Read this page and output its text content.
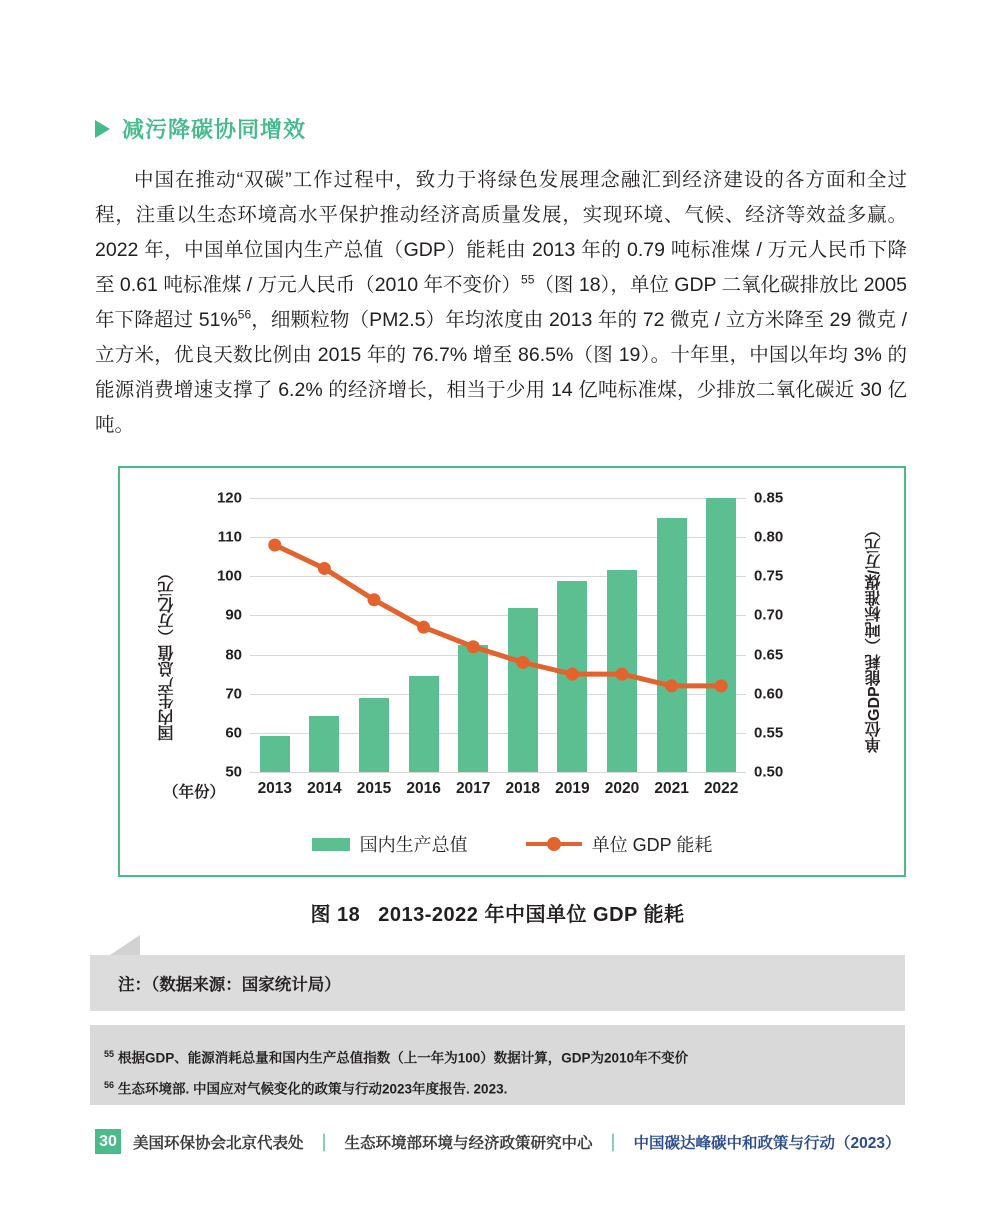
减污降碳协同增效

中国在推动“双碳”工作过程中，致力于将绿色发展理念融汇到经济建设的各方面和全过程，注重以生态环境高水平保护推动经济高质量发展，实现环境、气候、经济等效益多赢。2022 年，中国单位国内生产总值（GDP）能耗由 2013 年的 0.79 吨标准煤 / 万元人民币下降至 0.61 吨标准煤 / 万元人民币（2010 年不变价）$^{55}$（图 18），单位 GDP 二氧化碳排放比 2005 年下降超过 51%$^{56}$，细颗粒物（PM2.5）年均浓度由 2013 年的 72 微克 / 立方米降至 29 微克 / 立方米，优良天数比例由 2015 年的 76.7% 增至 86.5%（图 19）。十年里，中国以年均 3% 的能源消费增速支撑了 6.2% 的经济增长，相当于少用 14 亿吨标准煤，少排放二氧化碳近 30 亿吨。

国内生产总值（万亿元）
120
110
100
90
80
70
60
50
0.85
0.80
0.75
0.70
0.65
0.60
0.55
0.50
单位GDP能耗（吨标准煤/万元）
（年份）	2013 2014 2015 2016 2017 2018 2019 2020 2021 2022
国内生产总值	单位 GDP 能耗
图 18 2013-2022 年中国单位 GDP 能耗

注：（数据来源：国家统计局）

$^{55}$ 根据GDP、能源消耗总量和国内生产总值指数（上一年为100）数据计算，GDP为2010年不变价

$^{56}$ 生态环境部. 中国应对气候变化的政策与行动2023年度报告. 2023.

30 美国环保协会北京代表处 ｜ 生态环境部环境与经济政策研究中心 ｜ 中国碳达峰碳中和政策与行动（2023）
